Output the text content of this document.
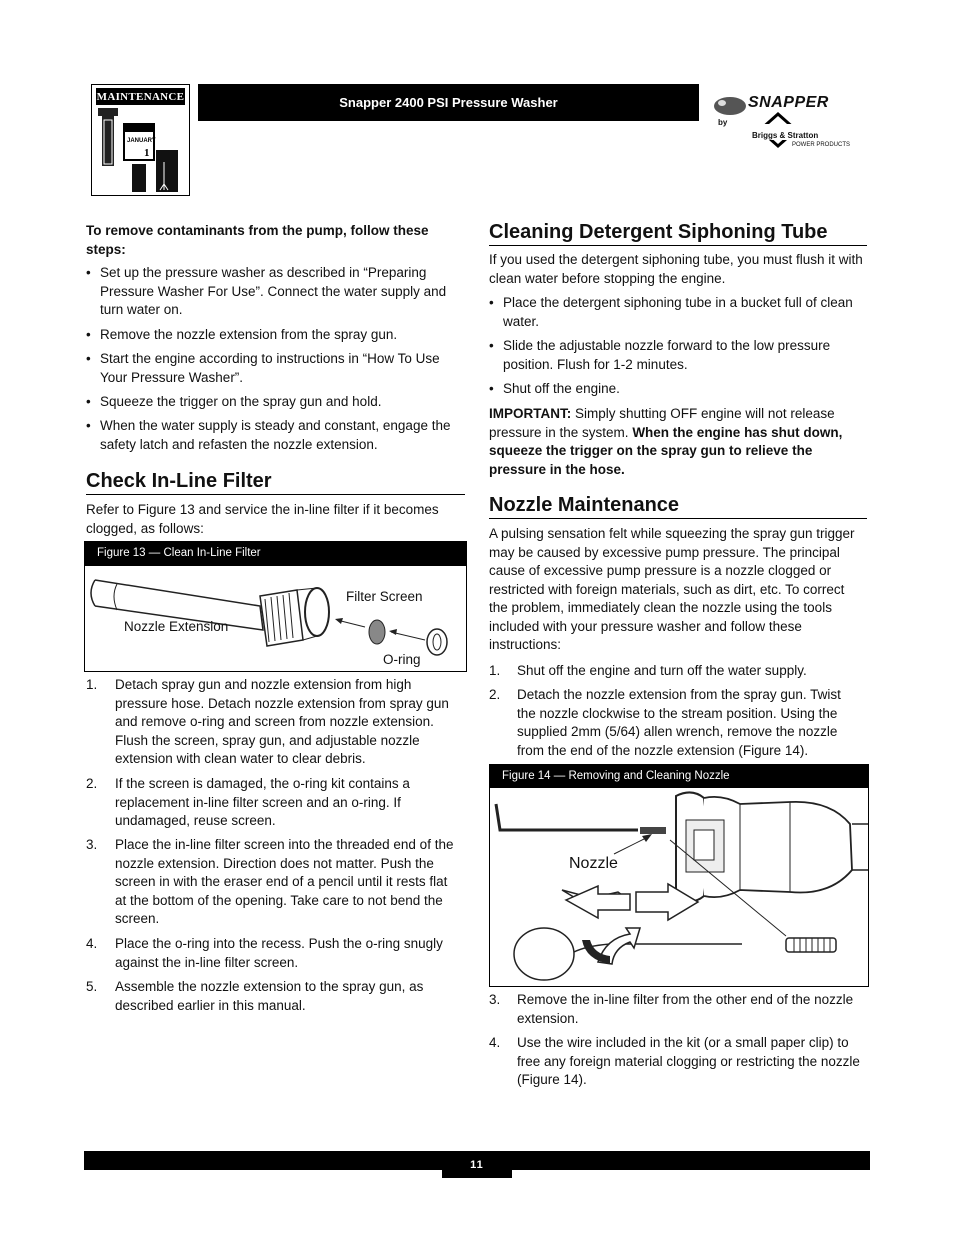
MAINTENANCE
JANUARY
1
Snapper 2400 PSI Pressure Washer	SNAPPER
by
Briggs & Stratton
POWER PRODUCTS
To remove contaminants from the pump, follow these steps:
• Set up the pressure washer as described in “Preparing Pressure Washer For Use”. Connect the water supply and turn water on.
• Remove the nozzle extension from the spray gun.
• Start the engine according to instructions in “How To Use Your Pressure Washer”.
• Squeeze the trigger on the spray gun and hold.
• When the water supply is steady and constant, engage the safety latch and refasten the nozzle extension.
Check In-Line Filter
Refer to Figure 13 and service the in-line filter if it becomes clogged, as follows:
Figure 13 — Clean In-Line Filter
Filter Screen
Nozzle Extension
O-ring
1. Detach spray gun and nozzle extension from high pressure hose. Detach nozzle extension from spray gun and remove o-ring and screen from nozzle extension. Flush the screen, spray gun, and adjustable nozzle extension with clean water to clear debris.
2. If the screen is damaged, the o-ring kit contains a replacement in-line filter screen and an o-ring. If undamaged, reuse screen.
3. Place the in-line filter screen into the threaded end of the nozzle extension. Direction does not matter. Push the screen in with the eraser end of a pencil until it rests flat at the bottom of the opening. Take care to not bend the screen.
4. Place the o-ring into the recess. Push the o-ring snugly against the in-line filter screen.
5. Assemble the nozzle extension to the spray gun, as described earlier in this manual.
Cleaning Detergent Siphoning Tube
If you used the detergent siphoning tube, you must flush it with clean water before stopping the engine.
• Place the detergent siphoning tube in a bucket full of clean water.
• Slide the adjustable nozzle forward to the low pressure position. Flush for 1-2 minutes.
• Shut off the engine.
IMPORTANT: Simply shutting OFF engine will not release pressure in the system. When the engine has shut down, squeeze the trigger on the spray gun to relieve the pressure in the hose.
Nozzle Maintenance
A pulsing sensation felt while squeezing the spray gun trigger may be caused by excessive pump pressure. The principal cause of excessive pump pressure is a nozzle clogged or restricted with foreign materials, such as dirt, etc. To correct the problem, immediately clean the nozzle using the tools included with your pressure washer and follow these instructions:
1. Shut off the engine and turn off the water supply.
2. Detach the nozzle extension from the spray gun. Twist the nozzle clockwise to the stream position. Using the supplied 2mm (5/64) allen wrench, remove the nozzle from the end of the nozzle extension (Figure 14).
Figure 14 — Removing and Cleaning Nozzle
Nozzle
3. Remove the in-line filter from the other end of the nozzle extension.
4. Use the wire included in the kit (or a small paper clip) to free any foreign material clogging or restricting the nozzle (Figure 14).
11
